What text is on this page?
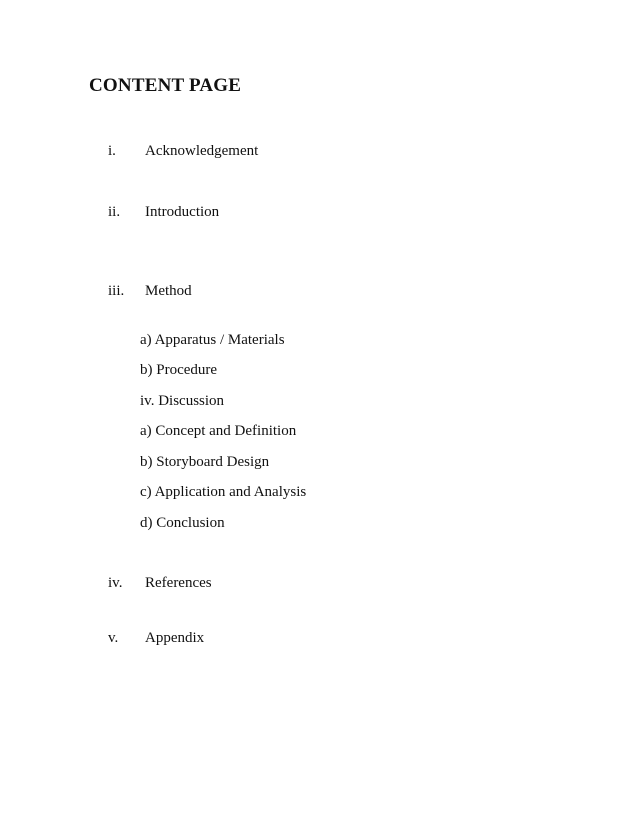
CONTENT PAGE
i. Acknowledgement
ii. Introduction
iii. Method
a) Apparatus / Materials
b) Procedure
iv. Discussion
a) Concept and Definition
b) Storyboard Design
c) Application and Analysis
d) Conclusion
iv. References
v. Appendix
